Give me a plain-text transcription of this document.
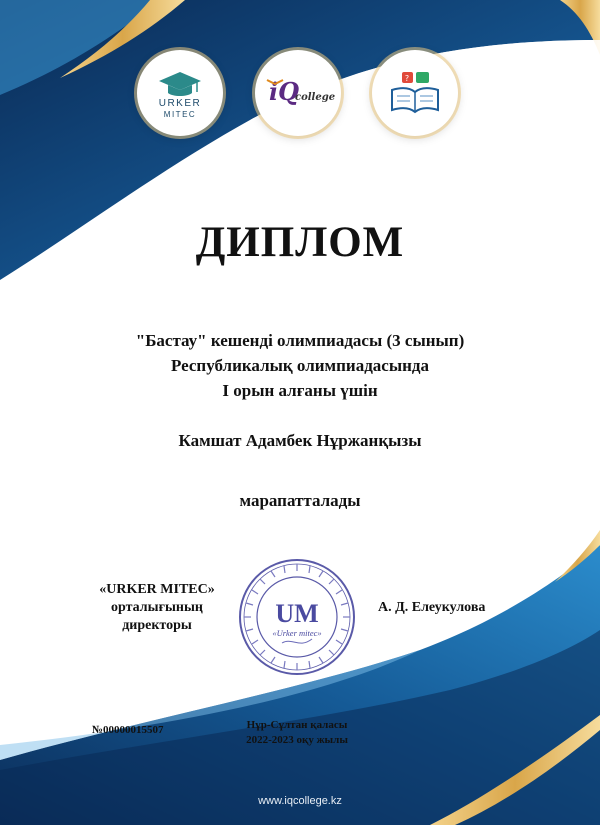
URKER
MITEC
iQ
college
?
ДИПЛОМ
"Бастау" кешенді олимпиадасы (3 сынып)
Республикалық олимпиадасында
I орын алғаны үшін
Камшат Адамбек Нұржанқызы
марапатталады
«URKER MITEC»
орталығының
директоры	UM
«Urker mitec»
А. Д. Елеукулова
№00000015507	Нұр-Сұлтан қаласы
2022-2023 оқу жылы
www.iqcollege.kz
